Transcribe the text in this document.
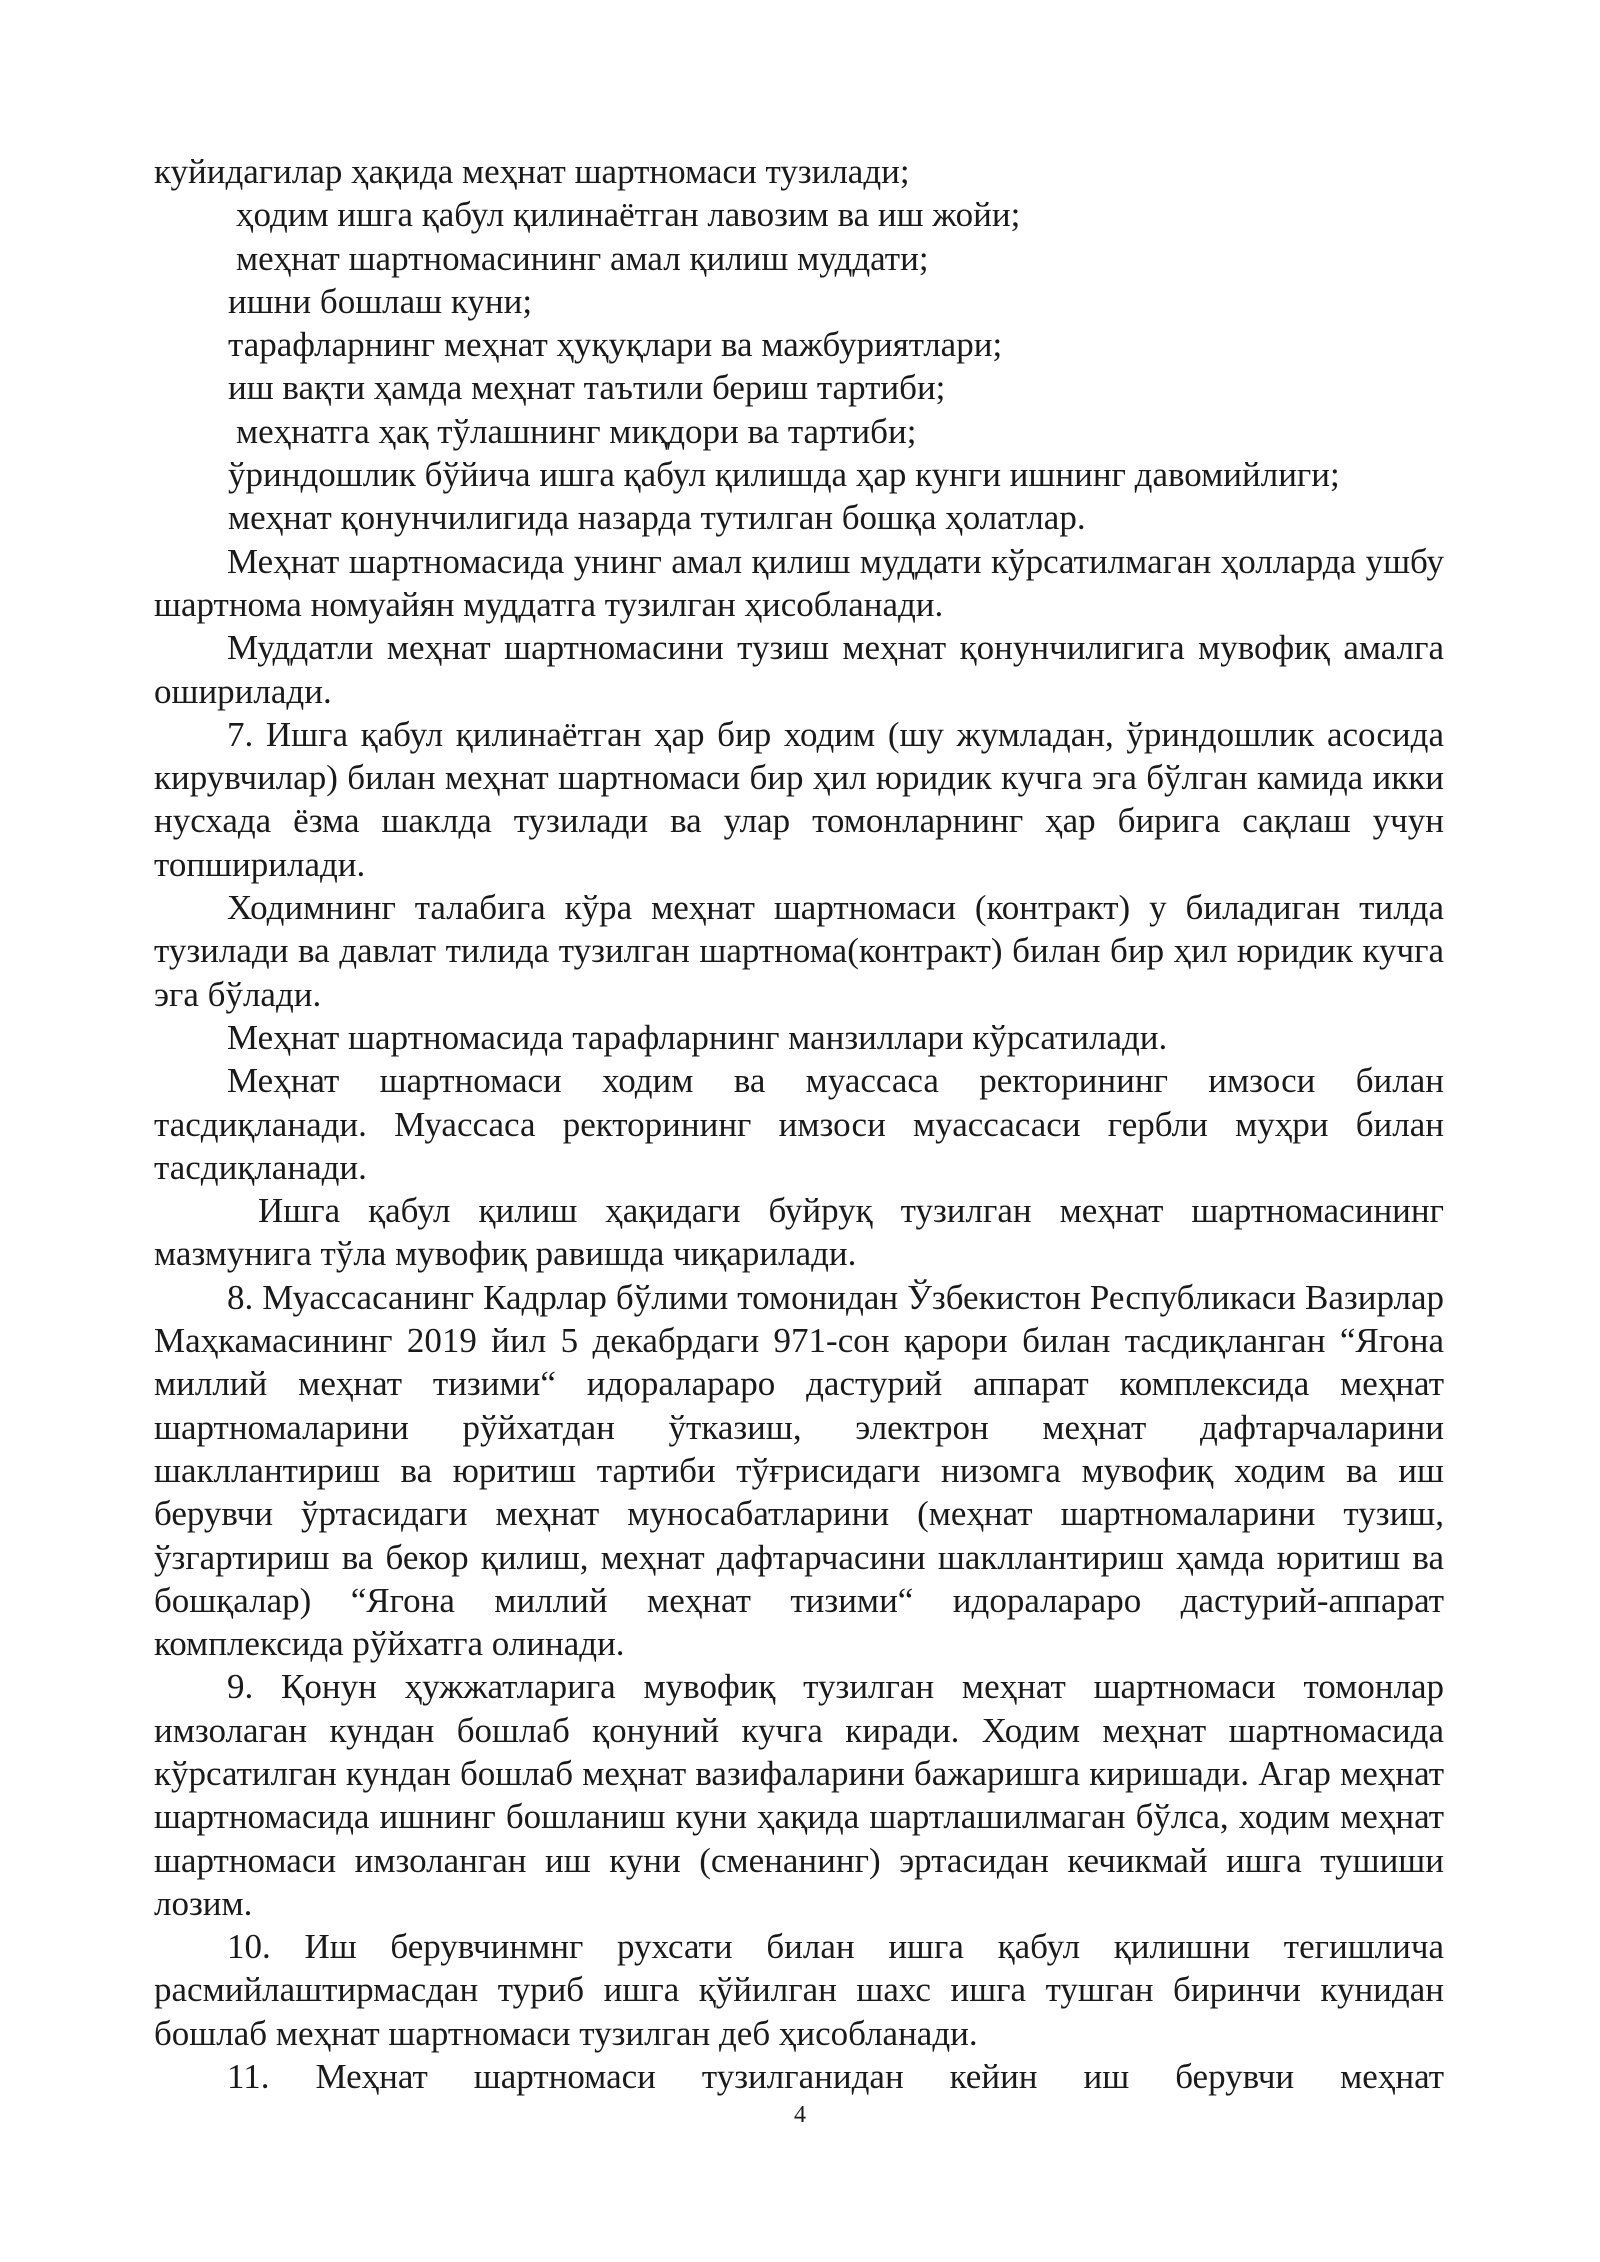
куйидагилар ҳақида меҳнат шартномаси тузилади;
ҳодим ишга қабул қилинаётган лавозим ва иш жойи;
меҳнат шартномасининг амал қилиш муддати;
ишни бошлаш куни;
тарафларнинг меҳнат ҳуқуқлари ва мажбуриятлари;
иш вақти ҳамда меҳнат таътили бериш тартиби;
меҳнатга ҳақ тўлашнинг миқдори ва тартиби;
ўриндошлик бўйича ишга қабул қилишда ҳар кунги ишнинг давомийлиги;
меҳнат қонунчилигида назарда тутилган бошқа ҳолатлар.

Меҳнат шартномасида унинг амал қилиш муддати кўрсатилмаган ҳолларда ушбу шартнома номуайян муддатга тузилган ҳисобланади.

Муддатли меҳнат шартномасини тузиш меҳнат қонунчилигига мувофиқ амалга оширилади.

7. Ишга қабул қилинаётган ҳар бир ходим (шу жумладан, ўриндошлик асосида кирувчилар) билан меҳнат шартномаси бир ҳил юридик кучга эга бўлган камида икки нусхада ёзма шаклда тузилади ва улар томонларнинг ҳар бирига сақлаш учун топширилади.

Ходимнинг талабига кўра меҳнат шартномаси (контракт) у биладиган тилда тузилади ва давлат тилида тузилган шартнома(контракт) билан бир ҳил юридик кучга эга бўлади.

Меҳнат шартномасида тарафларнинг манзиллари кўрсатилади.

Меҳнат шартномаси ходим ва муассаса ректорининг имзоси билан тасдиқланади. Муассаса ректорининг имзоси муассасаси гербли муҳри билан тасдиқланади.

Ишга қабул қилиш ҳақидаги буйруқ тузилган меҳнат шартномасининг мазмунига тўла мувофиқ равишда чиқарилади.

8. Муассасанинг Кадрлар бўлими томонидан Ўзбекистон Республикаси Вазирлар Маҳкамасининг 2019 йил 5 декабрдаги 971-сон қарори билан тасдиқланган “Ягона миллий меҳнат тизими“ идоралараро дастурий аппарат комплексида меҳнат шартномаларини рўйхатдан ўтказиш, электрон меҳнат дафтарчаларини шакллантириш ва юритиш тартиби тўғрисидаги низомга мувофиқ ходим ва иш берувчи ўртасидаги меҳнат муносабатларини (меҳнат шартномаларини тузиш, ўзгартириш ва бекор қилиш, меҳнат дафтарчасини шакллантириш ҳамда юритиш ва бошқалар) “Ягона миллий меҳнат тизими“ идоралараро дастурий-аппарат комплексида рўйхатга олинади.

9. Қонун ҳужжатларига мувофиқ тузилган меҳнат шартномаси томонлар имзолаган кундан бошлаб қонуний кучга киради. Ходим меҳнат шартномасида кўрсатилган кундан бошлаб меҳнат вазифаларини бажаришга киришади. Агар меҳнат шартномасида ишнинг бошланиш куни ҳақида шартлашилмаган бўлса, ходим меҳнат шартномаси имзоланган иш куни (сменанинг) эртасидан кечикмай ишга тушиши лозим.

10. Иш берувчинмнг рухсати билан ишга қабул қилишни тегишлича расмийлаштирмасдан туриб ишга қўйилган шахс ишга тушган биринчи кунидан бошлаб меҳнат шартномаси тузилган деб ҳисобланади.

11. Меҳнат шартномаси тузилганидан кейин иш берувчи меҳнат

4
